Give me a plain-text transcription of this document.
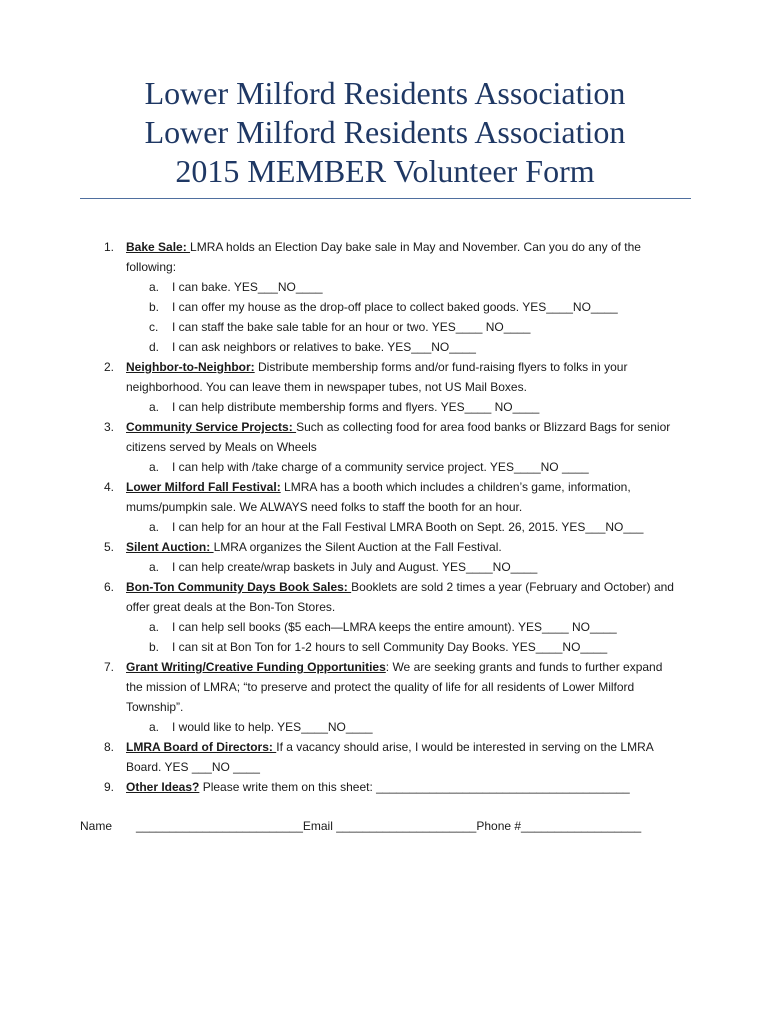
Lower Milford Residents Association

Lower Milford Residents Association

2015 MEMBER Volunteer Form

1. Bake Sale: LMRA holds an Election Day bake sale in May and November. Can you do any of the following:
a. I can bake. YES___NO____
b. I can offer my house as the drop-off place to collect baked goods. YES____NO____
c. I can staff the bake sale table for an hour or two. YES____ NO____
d. I can ask neighbors or relatives to bake. YES___NO____
2. Neighbor-to-Neighbor: Distribute membership forms and/or fund-raising flyers to folks in your neighborhood. You can leave them in newspaper tubes, not US Mail Boxes.
a. I can help distribute membership forms and flyers. YES____ NO____
3. Community Service Projects: Such as collecting food for area food banks or Blizzard Bags for senior citizens served by Meals on Wheels
a. I can help with /take charge of a community service project. YES____NO ____
4. Lower Milford Fall Festival: LMRA has a booth which includes a children’s game, information, mums/pumpkin sale. We ALWAYS need folks to staff the booth for an hour.
a. I can help for an hour at the Fall Festival LMRA Booth on Sept. 26, 2015. YES___NO___
5. Silent Auction: LMRA organizes the Silent Auction at the Fall Festival.
a. I can help create/wrap baskets in July and August. YES____NO____
6. Bon-Ton Community Days Book Sales: Booklets are sold 2 times a year (February and October) and offer great deals at the Bon-Ton Stores.
a. I can help sell books ($5 each—LMRA keeps the entire amount). YES____ NO____
b. I can sit at Bon Ton for 1-2 hours to sell Community Day Books. YES____NO____
7. Grant Writing/Creative Funding Opportunities: We are seeking grants and funds to further expand the mission of LMRA; “to preserve and protect the quality of life for all residents of Lower Milford Township”.
a. I would like to help. YES____NO____
8. LMRA Board of Directors: If a vacancy should arise, I would be interested in serving on the LMRA Board. YES ___NO ____
9. Other Ideas? Please write them on this sheet: ______________________________________
Name _________________________Email _____________________Phone #__________________
